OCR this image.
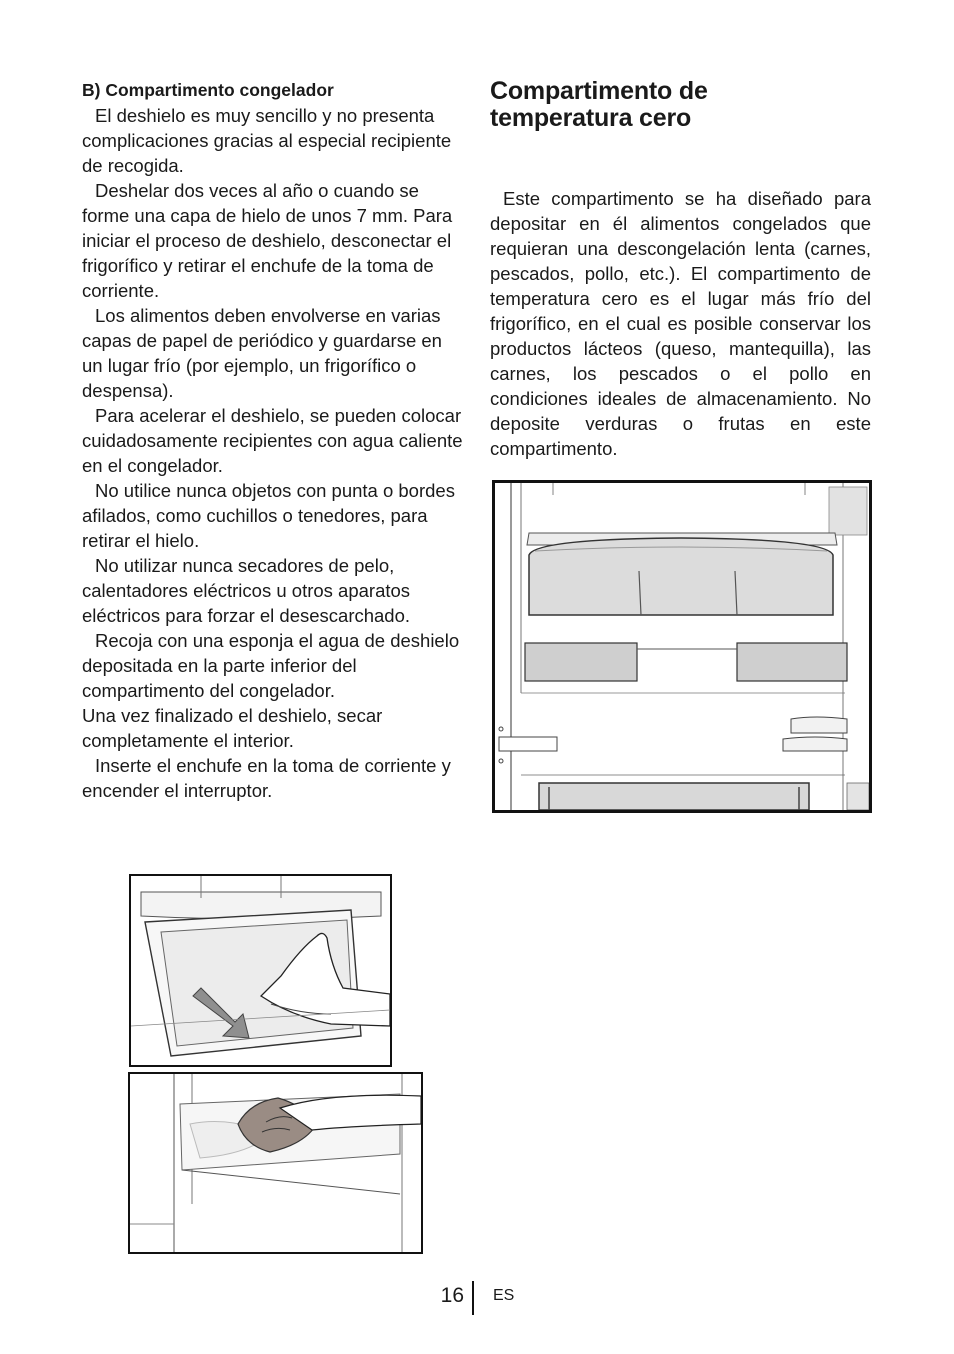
B) Compartimento congelador

El deshielo es muy sencillo y no presenta complicaciones gracias al especial recipiente de recogida.

Deshelar dos veces al año o cuando se forme una capa de hielo de unos 7 mm. Para iniciar el proceso de deshielo, desconectar el frigorífico y retirar el enchufe de la toma de corriente.

Los alimentos deben envolverse en varias capas de papel de periódico y guardarse en un lugar frío (por ejemplo, un frigorífico o despensa).

Para acelerar el deshielo, se pueden colocar cuidadosamente recipientes con agua caliente en el congelador.

No utilice nunca objetos con punta o bordes afilados, como cuchillos o tenedores, para retirar el hielo.

No utilizar nunca secadores de pelo, calentadores eléctricos u otros aparatos eléctricos para forzar el desescarchado.

Recoja con una esponja el agua de deshielo depositada en la parte inferior del compartimento del congelador.

Una vez finalizado el deshielo, secar completamente el interior.

Inserte el enchufe en la toma de corriente y encender el interruptor.

Compartimento de
temperatura cero

Este compartimento se ha diseñado para depositar en él alimentos congelados que requieran una descongelación lenta (carnes, pescados, pollo, etc.). El compartimento de temperatura cero es el lugar más frío del frigorífico, en el cual es posible conservar los productos lácteos (queso, mantequilla), las carnes, los pescados o el pollo en condiciones ideales de almacenamiento. No deposite verduras o frutas en este compartimento.

16 ES
